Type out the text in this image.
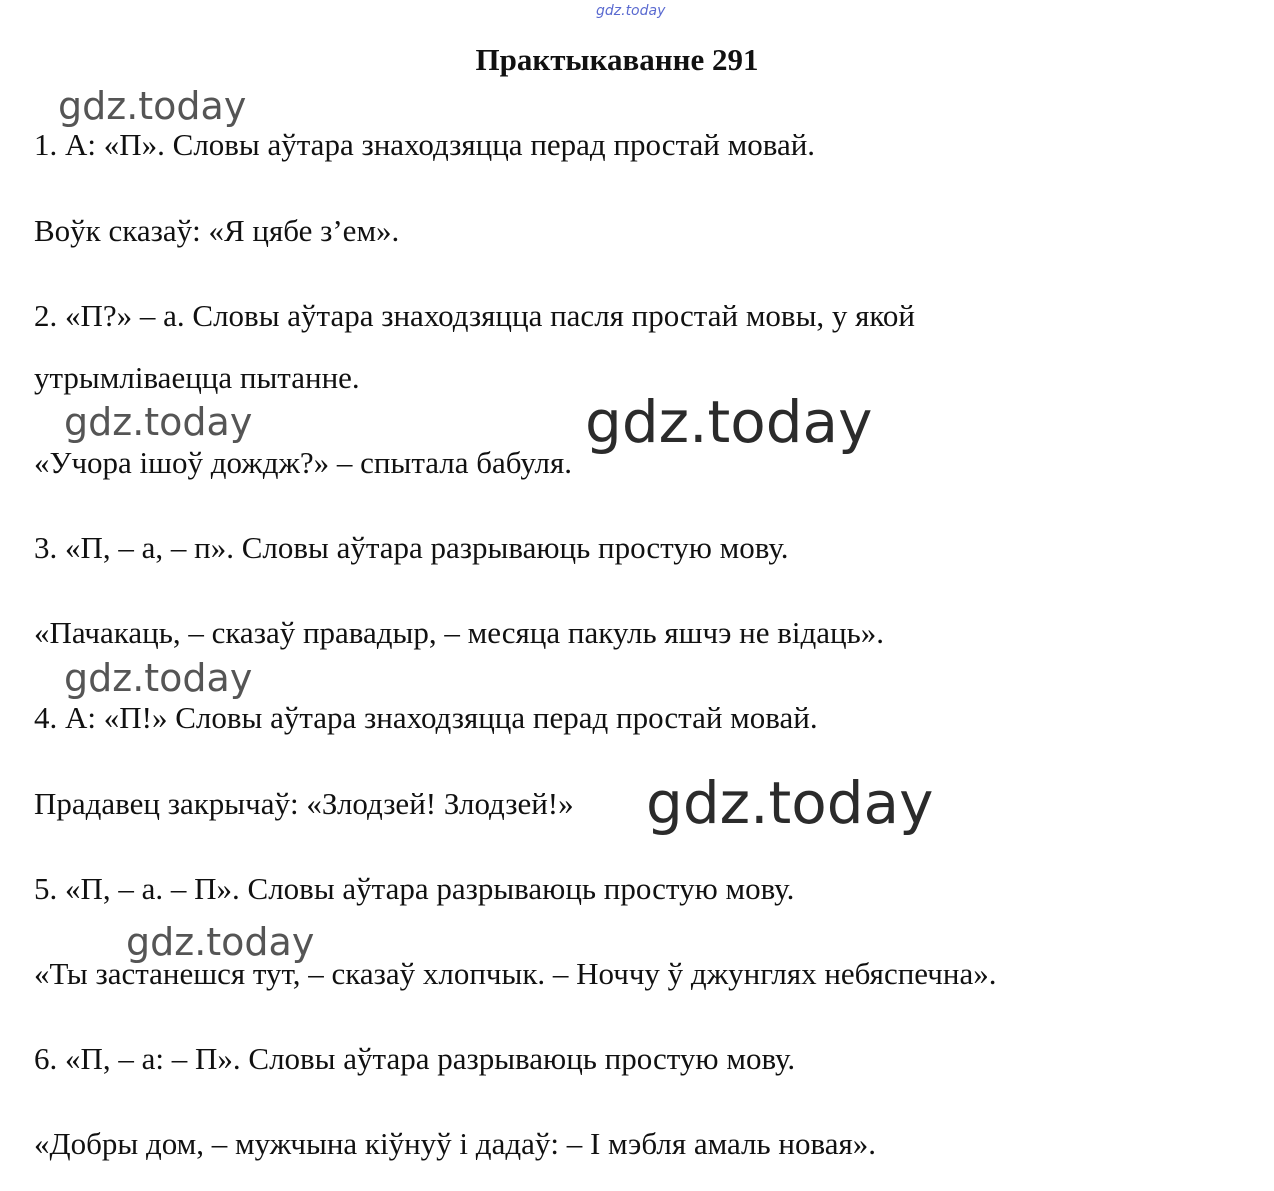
gdz.today
Практыкаванне 291

1. А: «П». Словы аўтара знаходзяцца перад простай мовай.

Воўк сказаў: «Я цябе з’ем».

2. «П?» – а. Словы аўтара знаходзяцца пасля простай мовы, у якой

утрымліваецца пытанне.

«Учора ішоў дождж?» – спытала бабуля.

3. «П, – а, – п». Словы аўтара разрываюць простую мову.

«Пачакаць, – сказаў правадыр, – месяца пакуль яшчэ не відаць».

4. А: «П!» Словы аўтара знаходзяцца перад простай мовай.

Прадавец закрычаў: «Злодзей! Злодзей!»

5. «П, – а. – П». Словы аўтара разрываюць простую мову.

«Ты застанешся тут, – сказаў хлопчык. – Ноччу ў джунглях небяспечна».

6. «П, – а: – П». Словы аўтара разрываюць простую мову.

«Добры дом, – мужчына кіўнуў і дадаў: – І мэбля амаль новая».

gdz.today
gdz.today	gdz.today
gdz.today
gdz.today
gdz.today
